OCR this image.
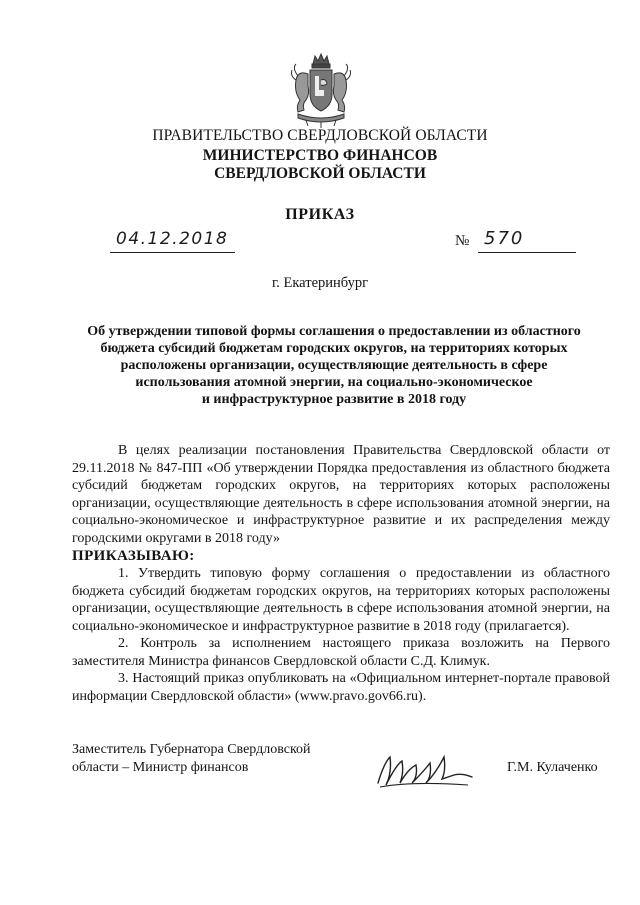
ПРАВИТЕЛЬСТВО СВЕРДЛОВСКОЙ ОБЛАСТИ
МИНИСТЕРСТВО ФИНАНСОВ
СВЕРДЛОВСКОЙ ОБЛАСТИ
ПРИКАЗ
04.12.2018	№ 570
г. Екатеринбург
Об утверждении типовой формы соглашения о предоставлении из областного
бюджета субсидий бюджетам городских округов, на территориях которых
расположены организации, осуществляющие деятельность в сфере
использования атомной энергии, на социально-экономическое
и инфраструктурное развитие в 2018 году

В целях реализации постановления Правительства Свердловской области от 29.11.2018 № 847-ПП «Об утверждении Порядка предоставления из областного бюджета субсидий бюджетам городских округов, на территориях которых расположены организации, осуществляющие деятельность в сфере использования атомной энергии, на социально-экономическое и инфраструктурное развитие и их распределения между городскими округами в 2018 году»

ПРИКАЗЫВАЮ:

1. Утвердить типовую форму соглашения о предоставлении из областного бюджета субсидий бюджетам городских округов, на территориях которых расположены организации, осуществляющие деятельность в сфере использования атомной энергии, на социально-экономическое и инфраструктурное развитие в 2018 году (прилагается).

2. Контроль за исполнением настоящего приказа возложить на Первого заместителя Министра финансов Свердловской области С.Д. Климук.

3. Настоящий приказ опубликовать на «Официальном интернет-портале правовой информации Свердловской области» (www.pravo.gov66.ru).

Заместитель Губернатора Свердловской
области – Министр финансов	Г.М. Кулаченко
